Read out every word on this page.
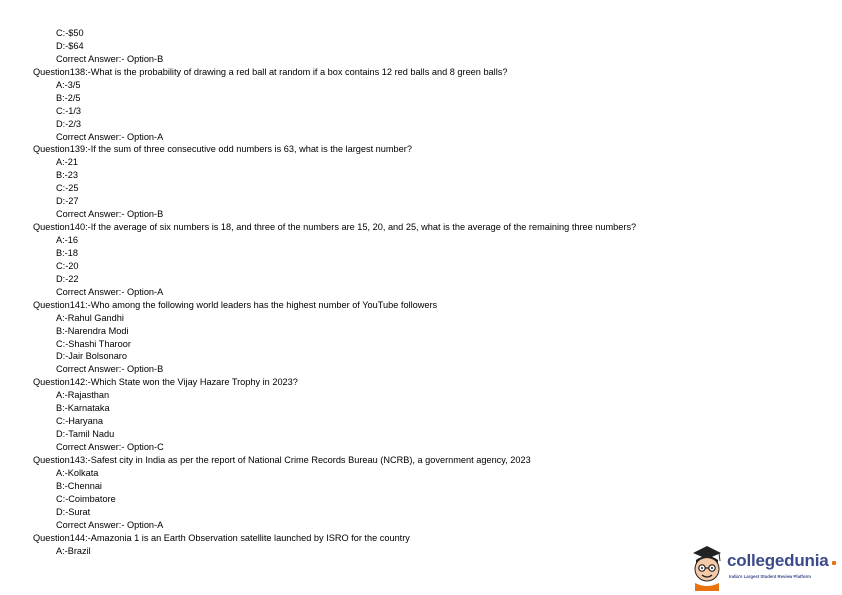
C:-$50
D:-$64
Correct Answer:- Option-B
Question138:-What is the probability of drawing a red ball at random if a box contains 12 red balls and 8 green balls?
A:-3/5
B:-2/5
C:-1/3
D:-2/3
Correct Answer:- Option-A
Question139:-If the sum of three consecutive odd numbers is 63, what is the largest number?
A:-21
B:-23
C:-25
D:-27
Correct Answer:- Option-B
Question140:-If the average of six numbers is 18, and three of the numbers are 15, 20, and 25, what is the average of the remaining three numbers?
A:-16
B:-18
C:-20
D:-22
Correct Answer:- Option-A
Question141:-Who among the following world leaders has the highest number of YouTube followers
A:-Rahul Gandhi
B:-Narendra Modi
C:-Shashi Tharoor
D:-Jair Bolsonaro
Correct Answer:- Option-B
Question142:-Which State won the Vijay Hazare Trophy in 2023?
A:-Rajasthan
B:-Karnataka
C:-Haryana
D:-Tamil Nadu
Correct Answer:- Option-C
Question143:-Safest city in India as per the report of National Crime Records Bureau (NCRB), a government agency, 2023
A:-Kolkata
B:-Chennai
C:-Coimbatore
D:-Surat
Correct Answer:- Option-A
Question144:-Amazonia 1 is an Earth Observation satellite launched by ISRO for the country
A:-Brazil
collegedunia
India's Largest Student Review Platform
